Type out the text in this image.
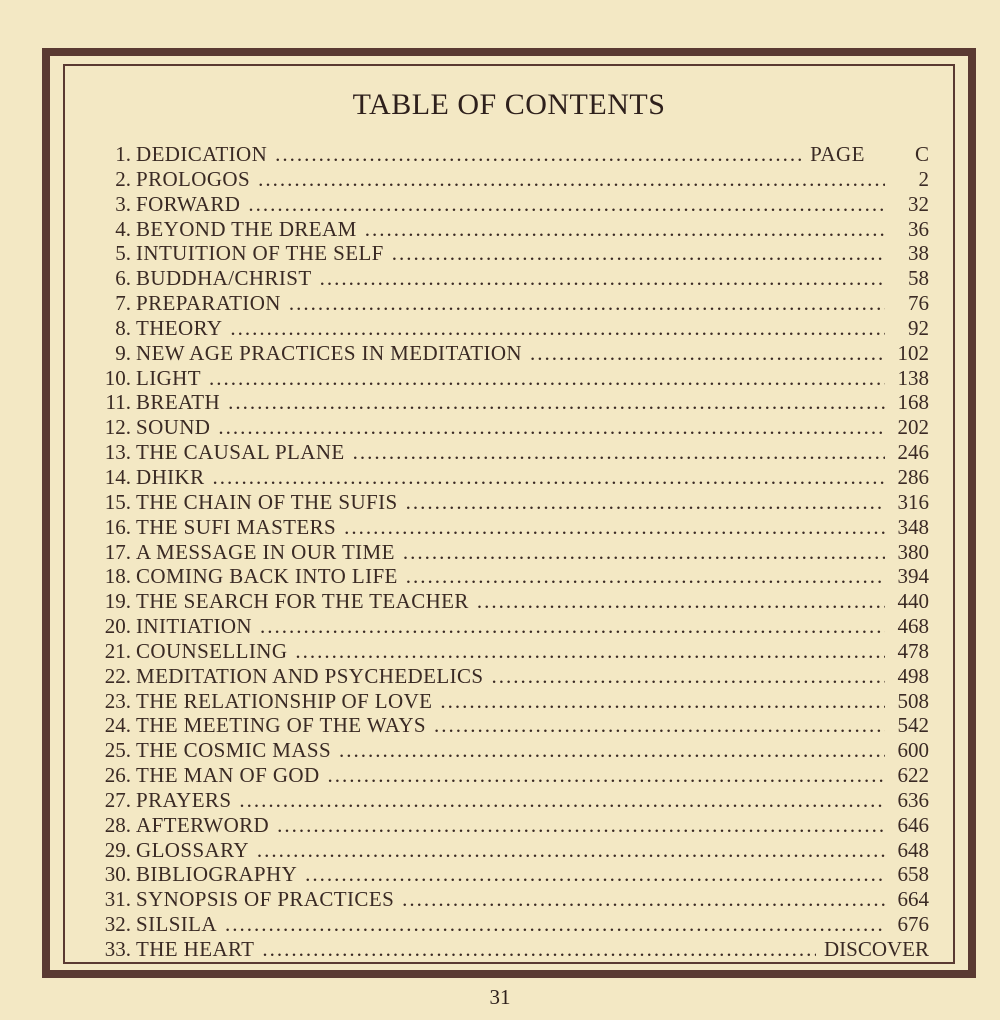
TABLE OF CONTENTS
1. DEDICATION .....	PAGE	C
2. PROLOGOS .....	2
3. FORWARD .....	32
4. BEYOND THE DREAM .....	36
5. INTUITION OF THE SELF .....	38
6. BUDDHA/CHRIST .....	58
7. PREPARATION .....	76
8. THEORY .....	92
9. NEW AGE PRACTICES IN MEDITATION .....	102
10. LIGHT .....	138
11. BREATH .....	168
12. SOUND .....	202
13. THE CAUSAL PLANE .....	246
14. DHIKR .....	286
15. THE CHAIN OF THE SUFIS .....	316
16. THE SUFI MASTERS .....	348
17. A MESSAGE IN OUR TIME .....	380
18. COMING BACK INTO LIFE .....	394
19. THE SEARCH FOR THE TEACHER .....	440
20. INITIATION .....	468
21. COUNSELLING .....	478
22. MEDITATION AND PSYCHEDELICS .....	498
23. THE RELATIONSHIP OF LOVE .....	508
24. THE MEETING OF THE WAYS .....	542
25. THE COSMIC MASS .....	600
26. THE MAN OF GOD .....	622
27. PRAYERS .....	636
28. AFTERWORD .....	646
29. GLOSSARY .....	648
30. BIBLIOGRAPHY .....	658
31. SYNOPSIS OF PRACTICES .....	664
32. SILSILA .....	676
33. THE HEART .....	DISCOVER
31
